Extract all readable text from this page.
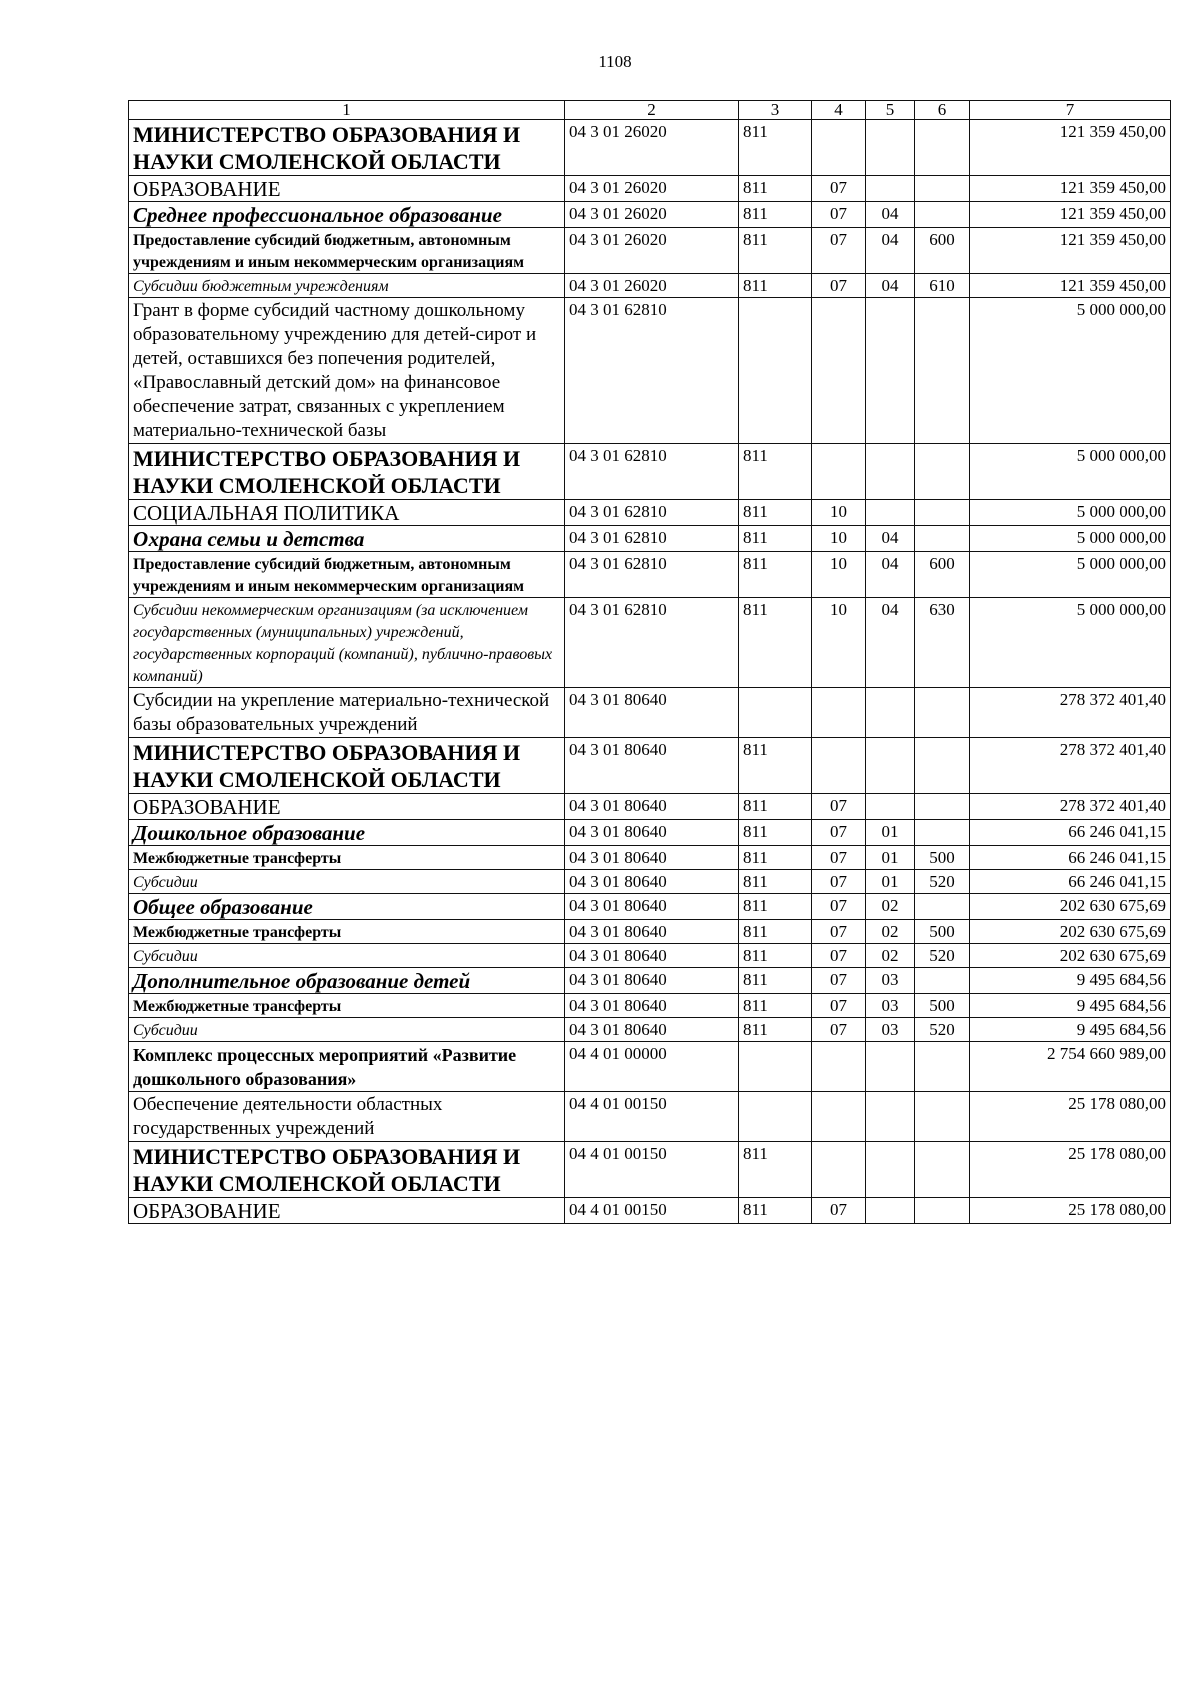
1108
1	2	3	4	5	6	7
МИНИСТЕРСТВО ОБРАЗОВАНИЯ И НАУКИ СМОЛЕНСКОЙ ОБЛАСТИ	04 3 01 26020	811				121 359 450,00
ОБРАЗОВАНИЕ	04 3 01 26020	811	07			121 359 450,00
Среднее профессиональное образование	04 3 01 26020	811	07	04		121 359 450,00
Предоставление субсидий бюджетным, автономным учреждениям и иным некоммерческим организациям	04 3 01 26020	811	07	04	600	121 359 450,00
Субсидии бюджетным учреждениям	04 3 01 26020	811	07	04	610	121 359 450,00
Грант в форме субсидий частному дошкольному образовательному учреждению для детей-сирот и детей, оставшихся без попечения родителей, «Православный детский дом» на финансовое обеспечение затрат, связанных с укреплением материально-технической базы	04 3 01 62810					5 000 000,00
МИНИСТЕРСТВО ОБРАЗОВАНИЯ И НАУКИ СМОЛЕНСКОЙ ОБЛАСТИ	04 3 01 62810	811				5 000 000,00
СОЦИАЛЬНАЯ ПОЛИТИКА	04 3 01 62810	811	10			5 000 000,00
Охрана семьи и детства	04 3 01 62810	811	10	04		5 000 000,00
Предоставление субсидий бюджетным, автономным учреждениям и иным некоммерческим организациям	04 3 01 62810	811	10	04	600	5 000 000,00
Субсидии некоммерческим организациям (за исключением государственных (муниципальных) учреждений, государственных корпораций (компаний), публично-правовых компаний)	04 3 01 62810	811	10	04	630	5 000 000,00
Субсидии на укрепление материально-технической базы образовательных учреждений	04 3 01 80640					278 372 401,40
МИНИСТЕРСТВО ОБРАЗОВАНИЯ И НАУКИ СМОЛЕНСКОЙ ОБЛАСТИ	04 3 01 80640	811				278 372 401,40
ОБРАЗОВАНИЕ	04 3 01 80640	811	07			278 372 401,40
Дошкольное образование	04 3 01 80640	811	07	01		66 246 041,15
Межбюджетные трансферты	04 3 01 80640	811	07	01	500	66 246 041,15
Субсидии	04 3 01 80640	811	07	01	520	66 246 041,15
Общее образование	04 3 01 80640	811	07	02		202 630 675,69
Межбюджетные трансферты	04 3 01 80640	811	07	02	500	202 630 675,69
Субсидии	04 3 01 80640	811	07	02	520	202 630 675,69
Дополнительное образование детей	04 3 01 80640	811	07	03		9 495 684,56
Межбюджетные трансферты	04 3 01 80640	811	07	03	500	9 495 684,56
Субсидии	04 3 01 80640	811	07	03	520	9 495 684,56
Комплекс процессных мероприятий «Развитие дошкольного образования»	04 4 01 00000					2 754 660 989,00
Обеспечение деятельности областных государственных учреждений	04 4 01 00150					25 178 080,00
МИНИСТЕРСТВО ОБРАЗОВАНИЯ И НАУКИ СМОЛЕНСКОЙ ОБЛАСТИ	04 4 01 00150	811				25 178 080,00
ОБРАЗОВАНИЕ	04 4 01 00150	811	07			25 178 080,00
